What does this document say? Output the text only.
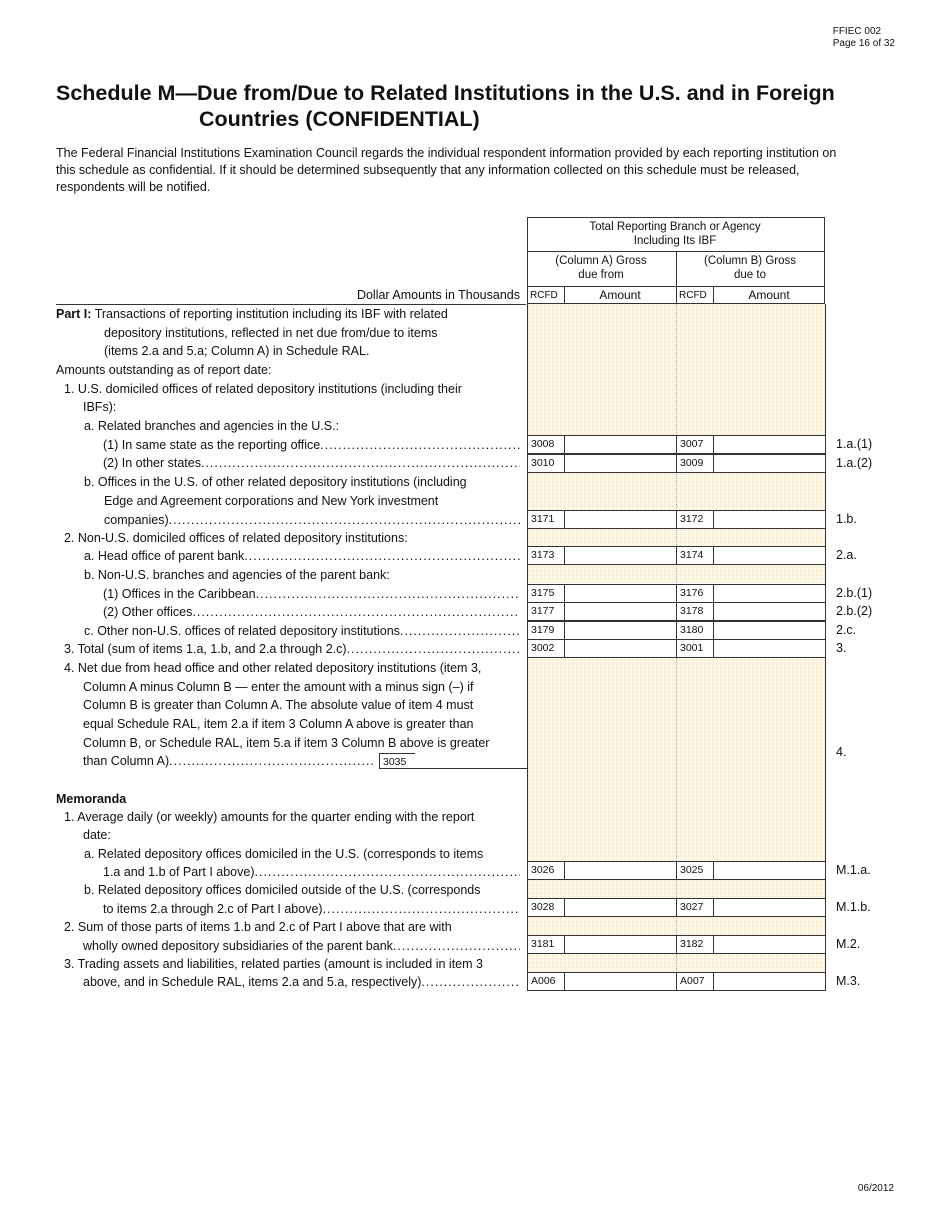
FFIEC 002
Page 16 of 32
Schedule M—Due from/Due to Related Institutions in the U.S. and in Foreign
Countries (CONFIDENTIAL)
The Federal Financial Institutions Examination Council regards the individual respondent information provided by each reporting institution on this schedule as confidential. If it should be determined subsequently that any information collected on this schedule must be released, respondents will be notified.
Total Reporting Branch or Agency Including Its IBF
(Column A) Gross due from
(Column B) Gross due to
Dollar Amounts in Thousands RCFD	Amount	RCFD	Amount
Part I: Transactions of reporting institution including its IBF with related
depository institutions, reflected in net due from/due to items
(items 2.a and 5.a; Column A) in Schedule RAL.
Amounts outstanding as of report date:
1. U.S. domiciled offices of related depository institutions (including their
IBFs):
a. Related branches and agencies in the U.S.:
(1) In same state as the reporting office
.....
(2) In other states
.....
b. Offices in the U.S. of other related depository institutions (including
Edge and Agreement corporations and New York investment
companies)
.....
2. Non-U.S. domiciled offices of related depository institutions:
a. Head office of parent bank
.....
b. Non-U.S. branches and agencies of the parent bank:
(1) Offices in the Caribbean
.....
(2) Other offices
.....
c. Other non-U.S. offices of related depository institutions
.....
3. Total (sum of items 1.a, 1.b, and 2.a through 2.c)
.....
4. Net due from head office and other related depository institutions (item 3,
Column A minus Column B — enter the amount with a minus sign (–) if
Column B is greater than Column A. The absolute value of item 4 must
equal Schedule RAL, item 2.a if item 3 Column A above is greater than
Column B, or Schedule RAL, item 5.a if item 3 Column B above is greater
than Column A)
.....	3035
Memoranda
1. Average daily (or weekly) amounts for the quarter ending with the report
date:
a. Related depository offices domiciled in the U.S. (corresponds to items
1.a and 1.b of Part I above)
.....
b. Related depository offices domiciled outside of the U.S. (corresponds
to items 2.a through 2.c of Part I above)
.....
2. Sum of those parts of items 1.b and 2.c of Part I above that are with
wholly owned depository subsidiaries of the parent bank
.....
3. Trading assets and liabilities, related parties (amount is included in item 3
above, and in Schedule RAL, items 2.a and 5.a, respectively)
.....
3008	3007	1.a.(1)
3010	3009	1.a.(2)
3171	3172	1.b.
3173	3174	2.a.
3175	3176	2.b.(1)
3177	3178	2.b.(2)
3179	3180	2.c.
3002	3001	3.
3026	3025	M.1.a.
3028	3027	M.1.b.
3181	3182	M.2.
A006	A007	M.3.
4.
06/2012
